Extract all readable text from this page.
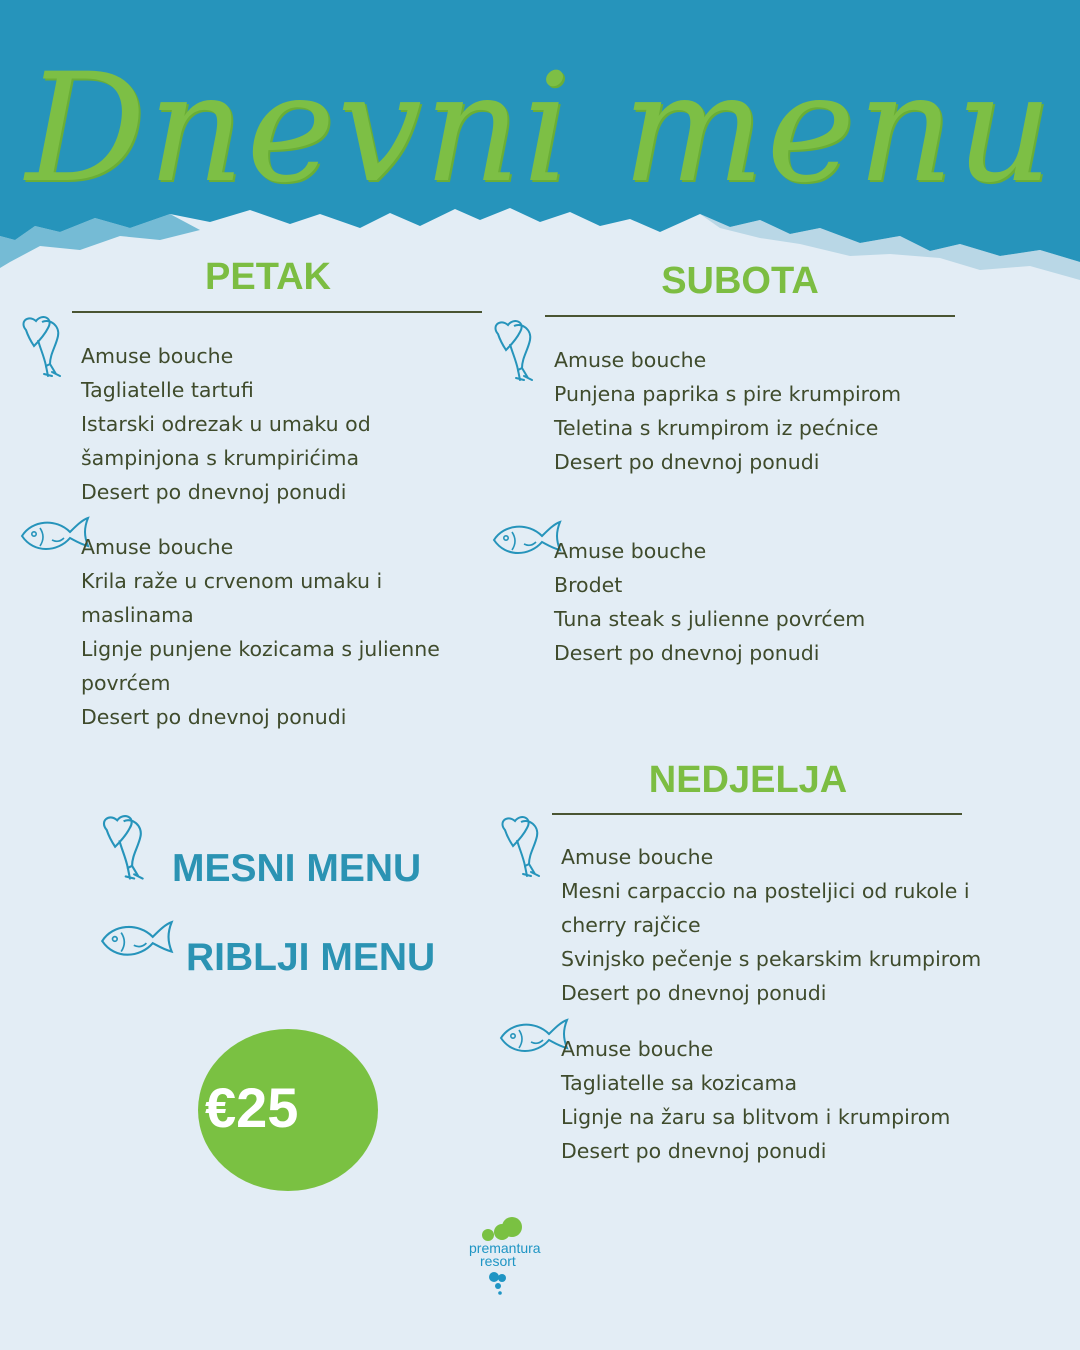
Dnevni menu
PETAK
Amuse bouche
Tagliatelle tartufi
Istarski odrezak u umaku od
šampinjona s krumpirićima
Desert po dnevnoj ponudi
Amuse bouche
Krila raže u crvenom umaku i
maslinama
Lignje punjene kozicama s julienne
povrćem
Desert po dnevnoj ponudi
SUBOTA
Amuse bouche
Punjena paprika s pire krumpirom
Teletina s krumpirom iz pećnice
Desert po dnevnoj ponudi
Amuse bouche
Brodet
Tuna steak s julienne povrćem
Desert po dnevnoj ponudi
NEDJELJA
Amuse bouche
Mesni carpaccio na posteljici od rukole i
cherry rajčice
Svinjsko pečenje s pekarskim krumpirom
Desert po dnevnoj ponudi
Amuse bouche
Tagliatelle sa kozicama
Lignje na žaru sa blitvom i krumpirom
Desert po dnevnoj ponudi
MESNI MENU
RIBLJI MENU
€25
premantura
resort
